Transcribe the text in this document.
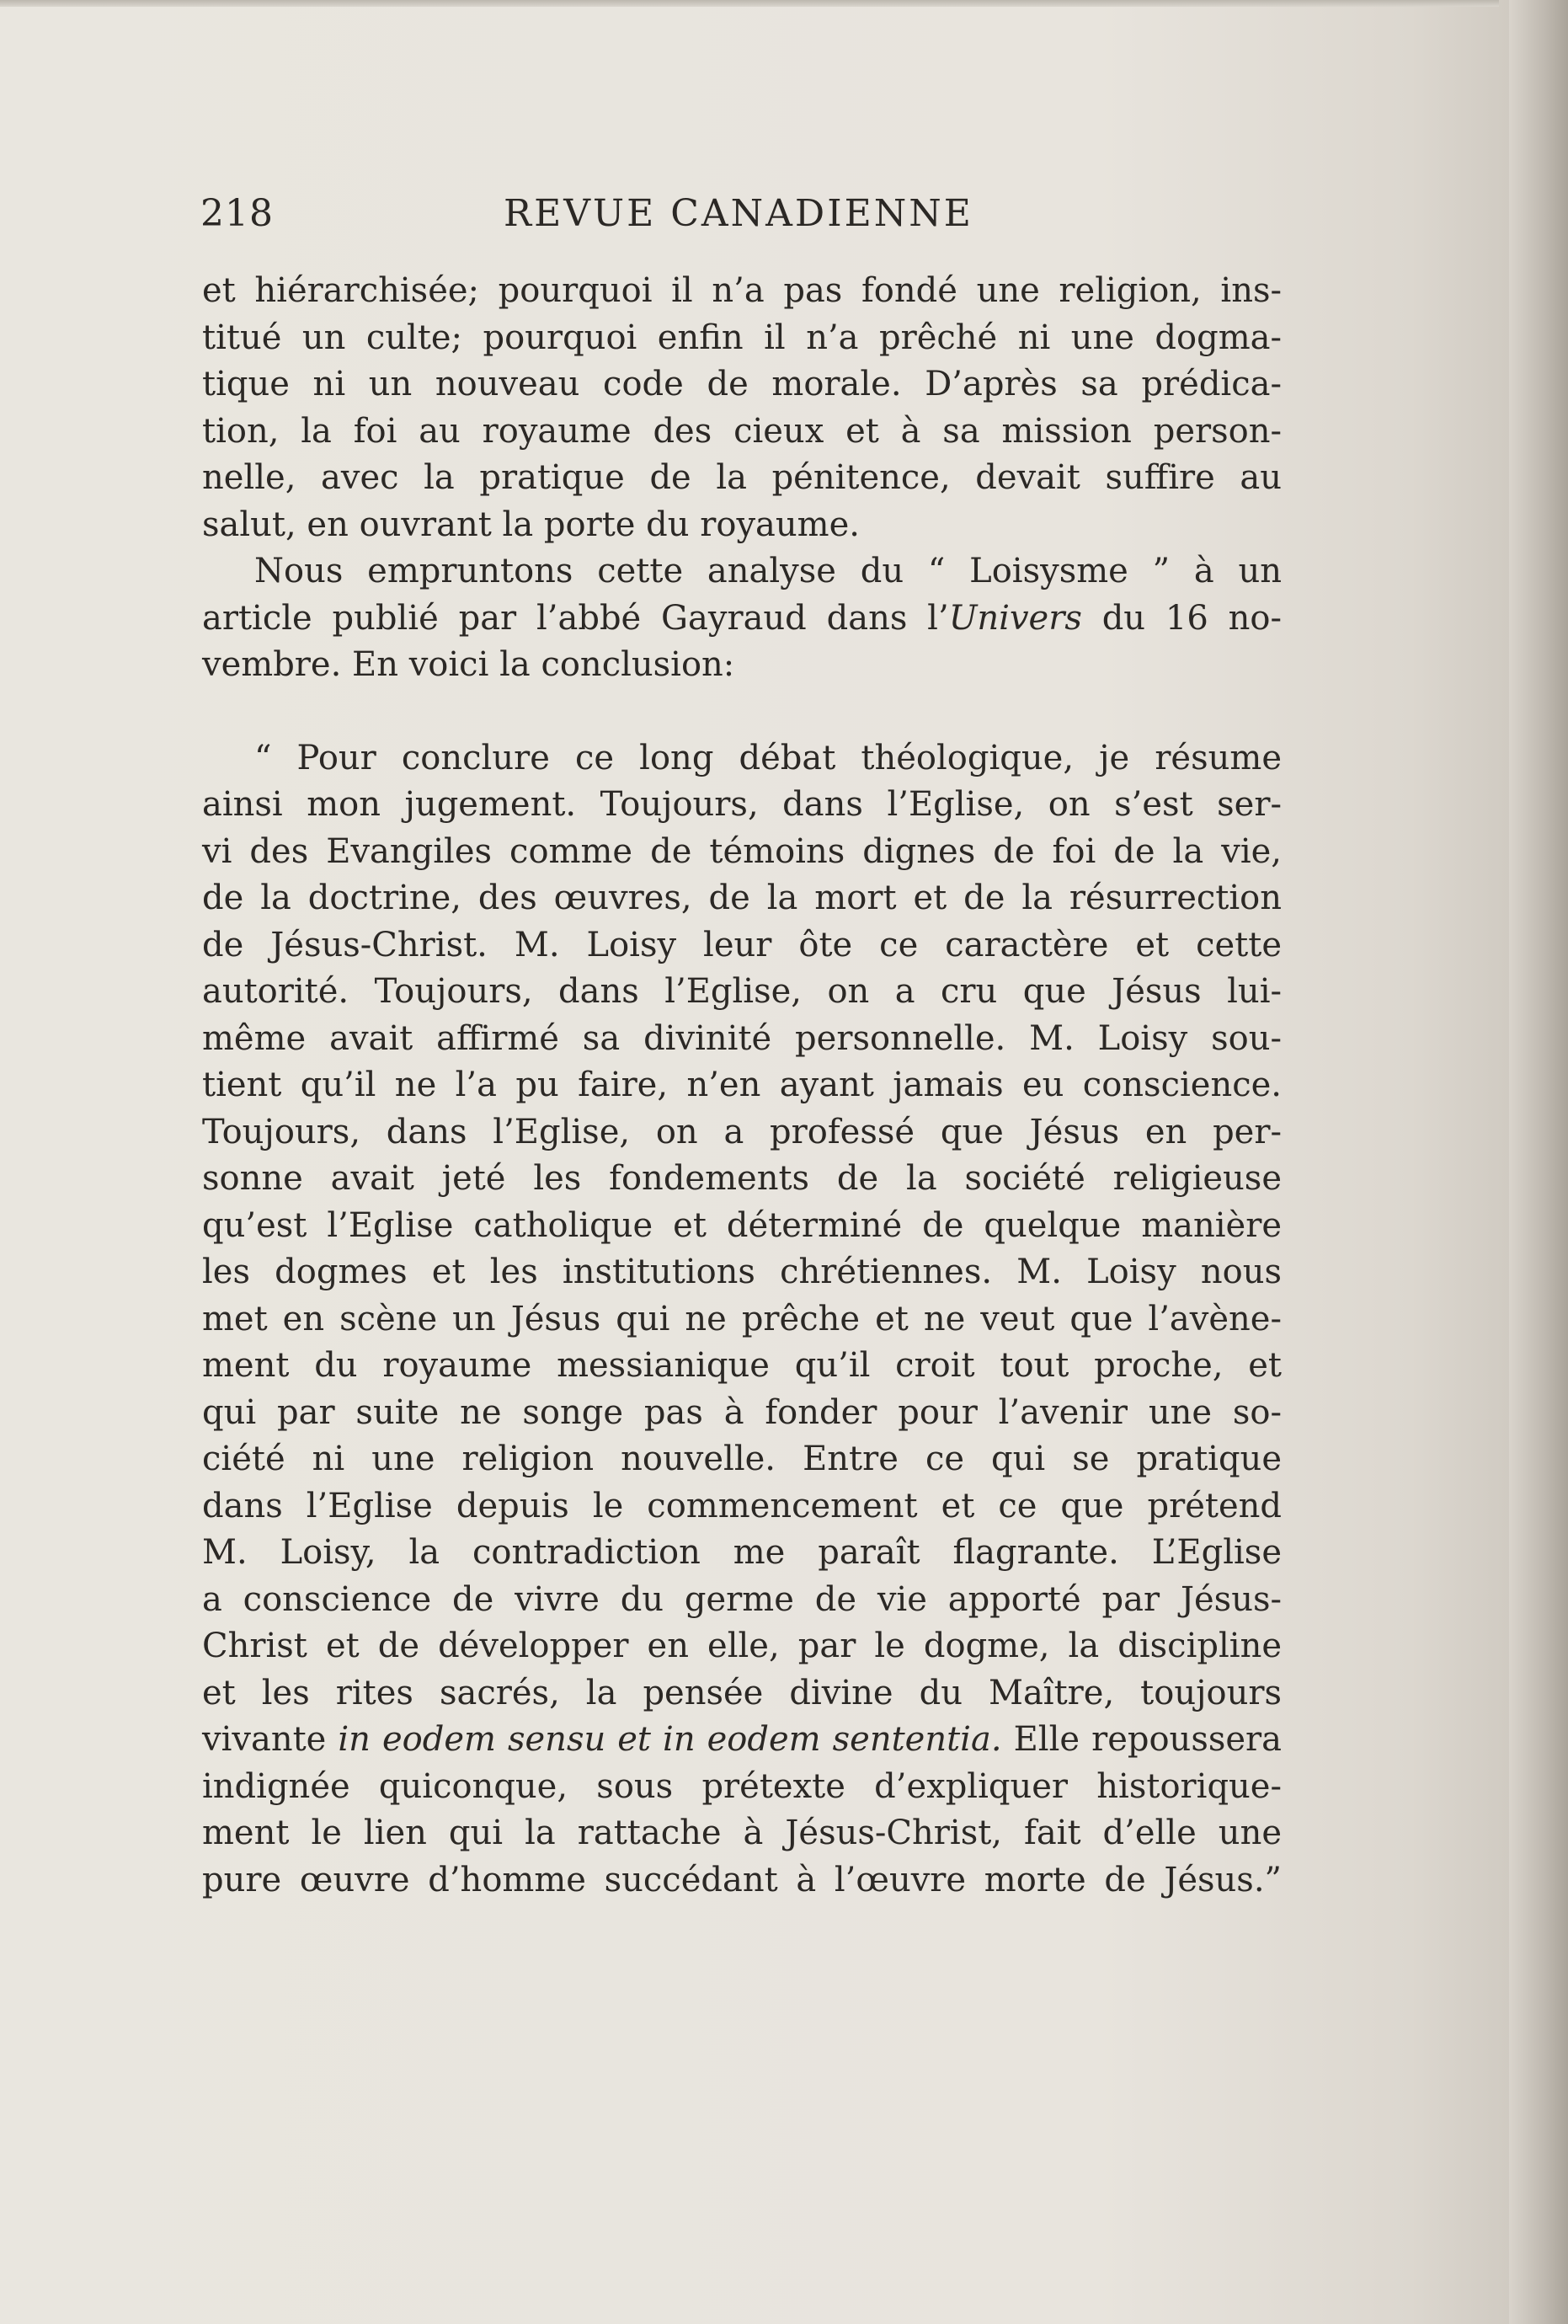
218	REVUE CANADIENNE

et hiérarchisée; pourquoi il n’a pas fondé une religion, ins-
titué un culte; pourquoi enfin il n’a prêché ni une dogma-
tique ni un nouveau code de morale. D’après sa prédica-
tion, la foi au royaume des cieux et à sa mission person-
nelle, avec la pratique de la pénitence, devait suffire au
salut, en ouvrant la porte du royaume.

Nous empruntons cette analyse du “ Loisysme ” à un
article publié par l’abbé Gayraud dans l’Univers du 16 no-
vembre. En voici la conclusion:

“ Pour conclure ce long débat théologique, je résume
ainsi mon jugement. Toujours, dans l’Eglise, on s’est ser-
vi des Evangiles comme de témoins dignes de foi de la vie,
de la doctrine, des œuvres, de la mort et de la résurrection
de Jésus-Christ. M. Loisy leur ôte ce caractère et cette
autorité. Toujours, dans l’Eglise, on a cru que Jésus lui-
même avait affirmé sa divinité personnelle. M. Loisy sou-
tient qu’il ne l’a pu faire, n’en ayant jamais eu conscience.
Toujours, dans l’Eglise, on a professé que Jésus en per-
sonne avait jeté les fondements de la société religieuse
qu’est l’Eglise catholique et déterminé de quelque manière
les dogmes et les institutions chrétiennes. M. Loisy nous
met en scène un Jésus qui ne prêche et ne veut que l’avène-
ment du royaume messianique qu’il croit tout proche, et
qui par suite ne songe pas à fonder pour l’avenir une so-
ciété ni une religion nouvelle. Entre ce qui se pratique
dans l’Eglise depuis le commencement et ce que prétend
M. Loisy, la contradiction me paraît flagrante. L’Eglise
a conscience de vivre du germe de vie apporté par Jésus-
Christ et de développer en elle, par le dogme, la discipline
et les rites sacrés, la pensée divine du Maître, toujours
vivante in eodem sensu et in eodem sententia. Elle repoussera
indignée quiconque, sous prétexte d’expliquer historique-
ment le lien qui la rattache à Jésus-Christ, fait d’elle une
pure œuvre d’homme succédant à l’œuvre morte de Jésus.”
